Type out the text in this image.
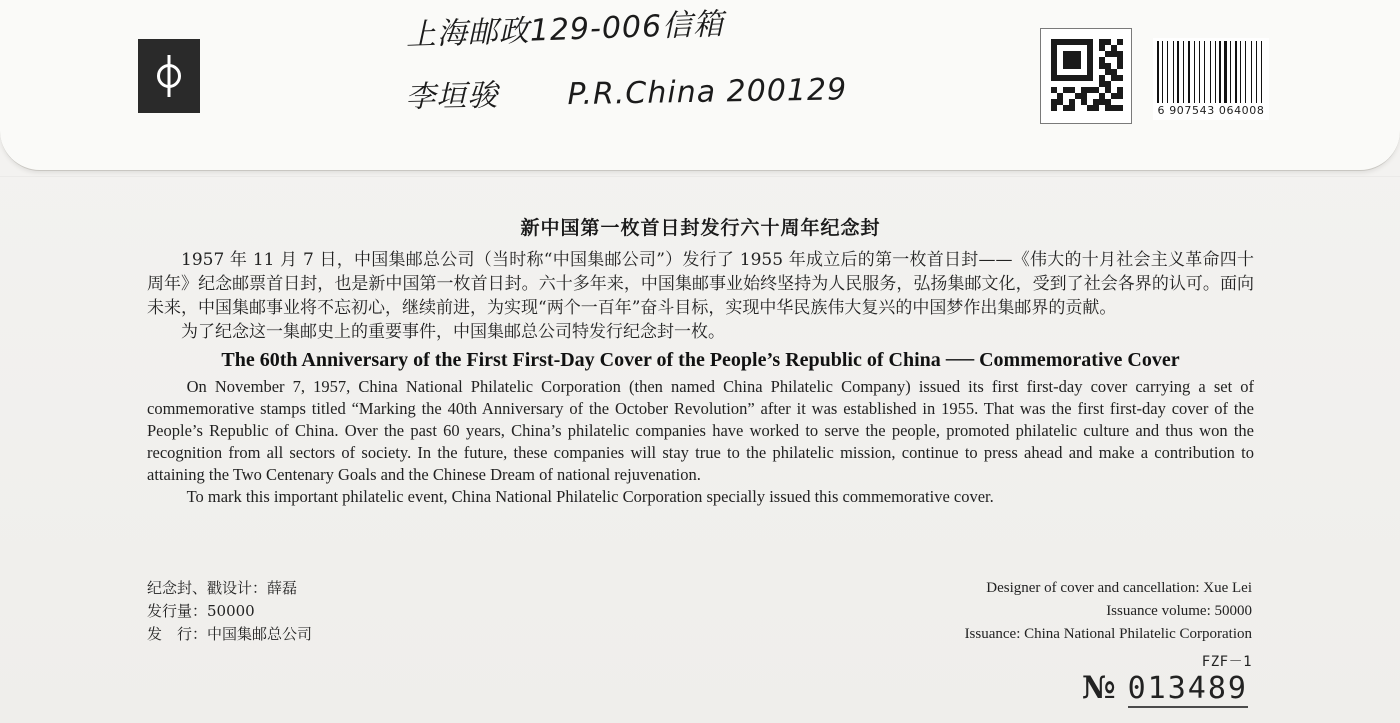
上海邮政129-006信箱
李垣骏 P.R.China 200129
6 907543 064008
新中国第一枚首日封发行六十周年纪念封

1957 年 11 月 7 日，中国集邮总公司（当时称“中国集邮公司”）发行了 1955 年成立后的第一枚首日封——《伟大的十月社会主义革命四十周年》纪念邮票首日封，也是新中国第一枚首日封。六十多年来，中国集邮事业始终坚持为人民服务，弘扬集邮文化，受到了社会各界的认可。面向未来，中国集邮事业将不忘初心，继续前进，为实现“两个一百年”奋斗目标，实现中华民族伟大复兴的中国梦作出集邮界的贡献。

为了纪念这一集邮史上的重要事件，中国集邮总公司特发行纪念封一枚。

The 60th Anniversary of the First First-Day Cover of the People’s Republic of China ── Commemorative Cover

On November 7, 1957, China National Philatelic Corporation (then named China Philatelic Company) issued its first first-day cover carrying a set of commemorative stamps titled “Marking the 40th Anniversary of the October Revolution” after it was established in 1955. That was the first first-day cover of the People’s Republic of China. Over the past 60 years, China’s philatelic companies have worked to serve the people, promoted philatelic culture and thus won the recognition from all sectors of society. In the future, these companies will stay true to the philatelic mission, continue to press ahead and make a contribution to attaining the Two Centenary Goals and the Chinese Dream of national rejuvenation.

To mark this important philatelic event, China National Philatelic Corporation specially issued this commemorative cover.

纪念封、戳设计：薛磊
发行量：50000
发　行：中国集邮总公司
Designer of cover and cancellation: Xue Lei
Issuance volume: 50000
Issuance: China National Philatelic Corporation
FZF－1
№ 013489
